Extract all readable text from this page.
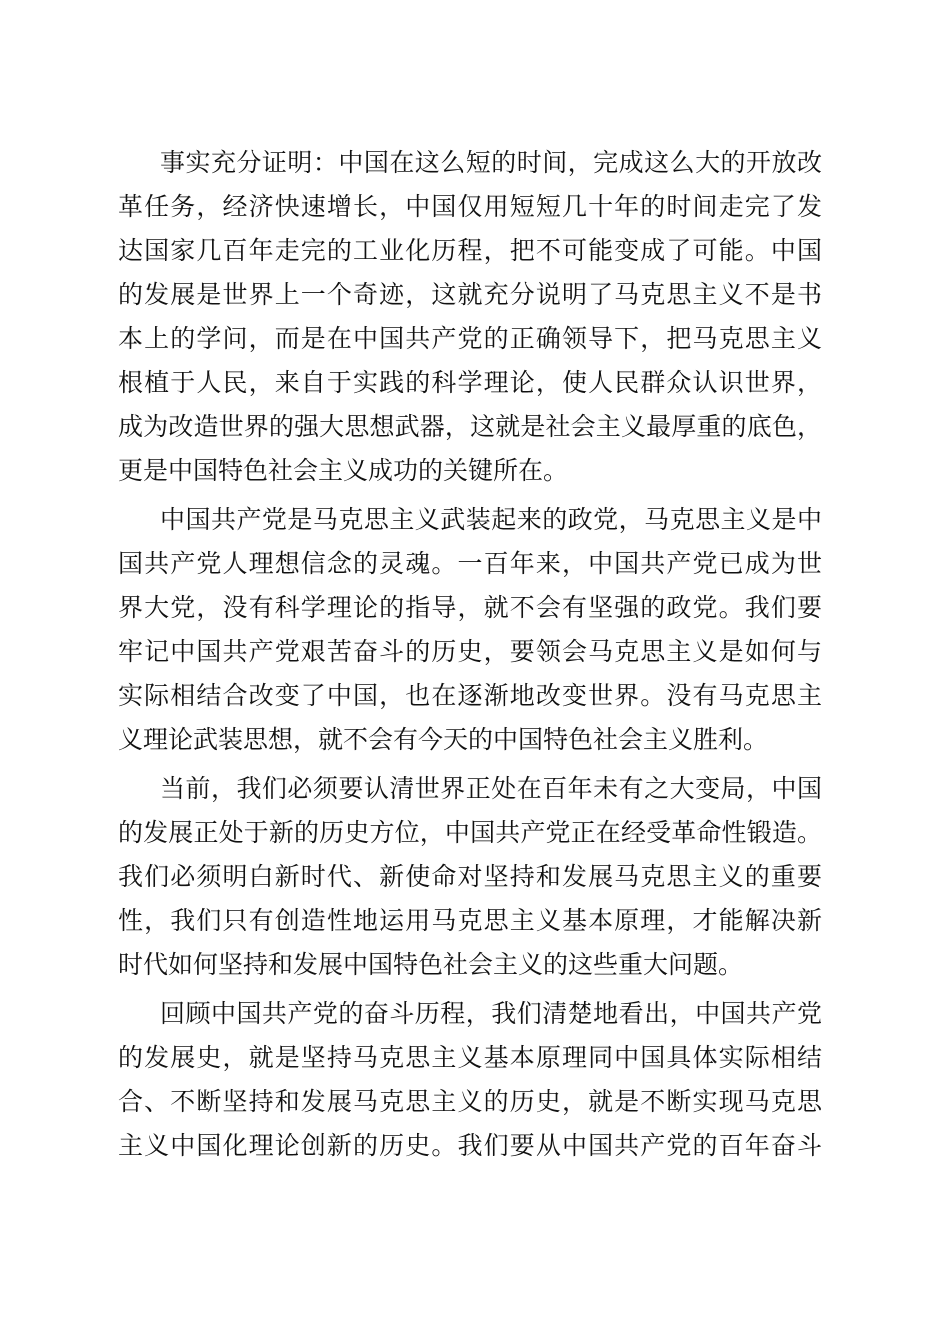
事实充分证明：中国在这么短的时间，完成这么大的开放改
革任务，经济快速增长，中国仅用短短几十年的时间走完了发
达国家几百年走完的工业化历程，把不可能变成了可能。中国
的发展是世界上一个奇迹，这就充分说明了马克思主义不是书
本上的学问，而是在中国共产党的正确领导下，把马克思主义
根植于人民，来自于实践的科学理论，使人民群众认识世界，
成为改造世界的强大思想武器，这就是社会主义最厚重的底色，
更是中国特色社会主义成功的关键所在。
中国共产党是马克思主义武装起来的政党，马克思主义是中
国共产党人理想信念的灵魂。一百年来，中国共产党已成为世
界大党，没有科学理论的指导，就不会有坚强的政党。我们要
牢记中国共产党艰苦奋斗的历史，要领会马克思主义是如何与
实际相结合改变了中国，也在逐渐地改变世界。没有马克思主
义理论武装思想，就不会有今天的中国特色社会主义胜利。
当前，我们必须要认清世界正处在百年未有之大变局，中国
的发展正处于新的历史方位，中国共产党正在经受革命性锻造。
我们必须明白新时代、新使命对坚持和发展马克思主义的重要
性，我们只有创造性地运用马克思主义基本原理，才能解决新
时代如何坚持和发展中国特色社会主义的这些重大问题。
回顾中国共产党的奋斗历程，我们清楚地看出，中国共产党
的发展史，就是坚持马克思主义基本原理同中国具体实际相结
合、不断坚持和发展马克思主义的历史，就是不断实现马克思
主义中国化理论创新的历史。我们要从中国共产党的百年奋斗
